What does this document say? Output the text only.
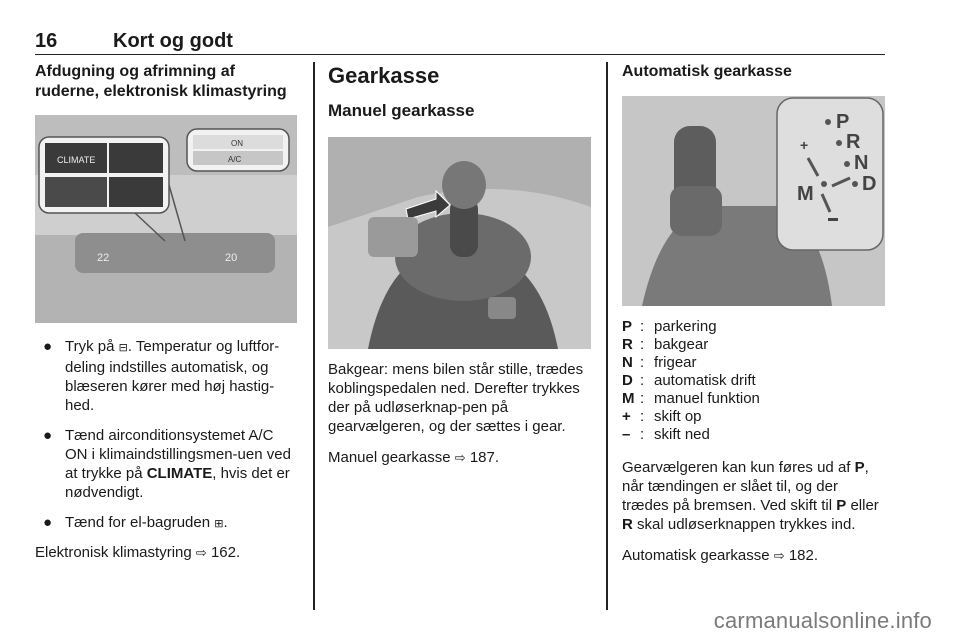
16	Kort og godt

Afdugning og afrimning af ruderne, elektronisk klimastyring

22	20
CLIMATE
ON
A/C
● Tryk på ⊟. Temperatur og luftfor-deling indstilles automatisk, og blæseren kører med høj hastig-hed.
● Tænd airconditionsystemet A/C ON i klimaindstillingsmen-uen ved at trykke på CLIMATE, hvis det er nødvendigt.
● Tænd for el-bagruden ⊞.

Elektronisk klimastyring ⇨ 162.

Gearkasse

Manuel gearkasse

Bakgear: mens bilen står stille, trædes koblingspedalen ned. Derefter trykkes der på udløserknap-pen på gearvælgeren, og der sættes i gear.

Manuel gearkasse ⇨ 187.

Automatisk gearkasse

P
R
N
D
M
+
P : parkering
R : bakgear
N : frigear
D : automatisk drift
M : manuel funktion
+ : skift op
– : skift ned

Gearvælgeren kan kun føres ud af P, når tændingen er slået til, og der trædes på bremsen. Ved skift til P eller R skal udløserknappen trykkes ind.

Automatisk gearkasse ⇨ 182.

carmanualsonline.info
